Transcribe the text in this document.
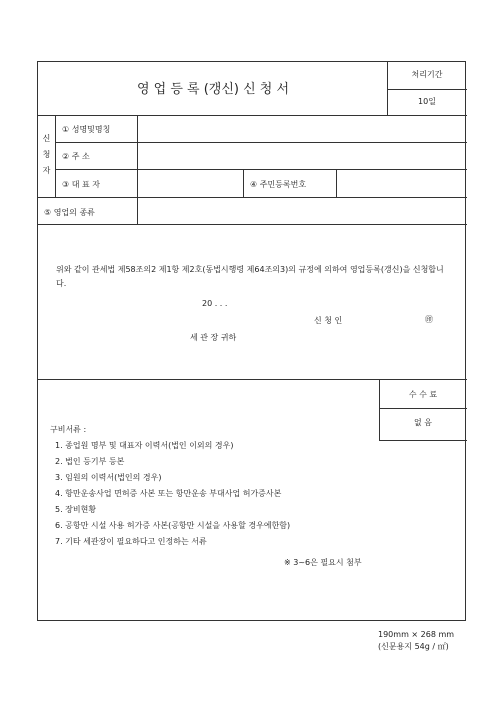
영 업 등 록 (갱신) 신 청 서
처리기간
10일
신
청
자
① 성명및명칭
② 주 소
③ 대 표 자	④ 주민등록번호
⑤ 영업의 종류
위와 같이 관세법 제58조의2 제1항 제2호(동법시행령 제64조의3)의 규정에 의하여 영업등록(갱신)을 신청합니다.
20 . . .
신 청 인	㊞
세 관 장 귀하
수 수 료
없 음
구비서류 :
1. 종업원 명부 및 대표자 이력서(법인 이외의 경우)
2. 법인 등기부 등본
3. 임원의 이력서(법인의 경우)
4. 항만운송사업 면허증 사본 또는 항만운송 부대사업 허가증사본
5. 장비현황
6. 공항만 시설 사용 허가증 사본(공항만 시설을 사용할 경우에한함)
7. 기타 세관장이 필요하다고 인정하는 서류
※ 3~6은 필요시 첨부
190mm × 268 mm
(신문용지 54g / ㎡)
